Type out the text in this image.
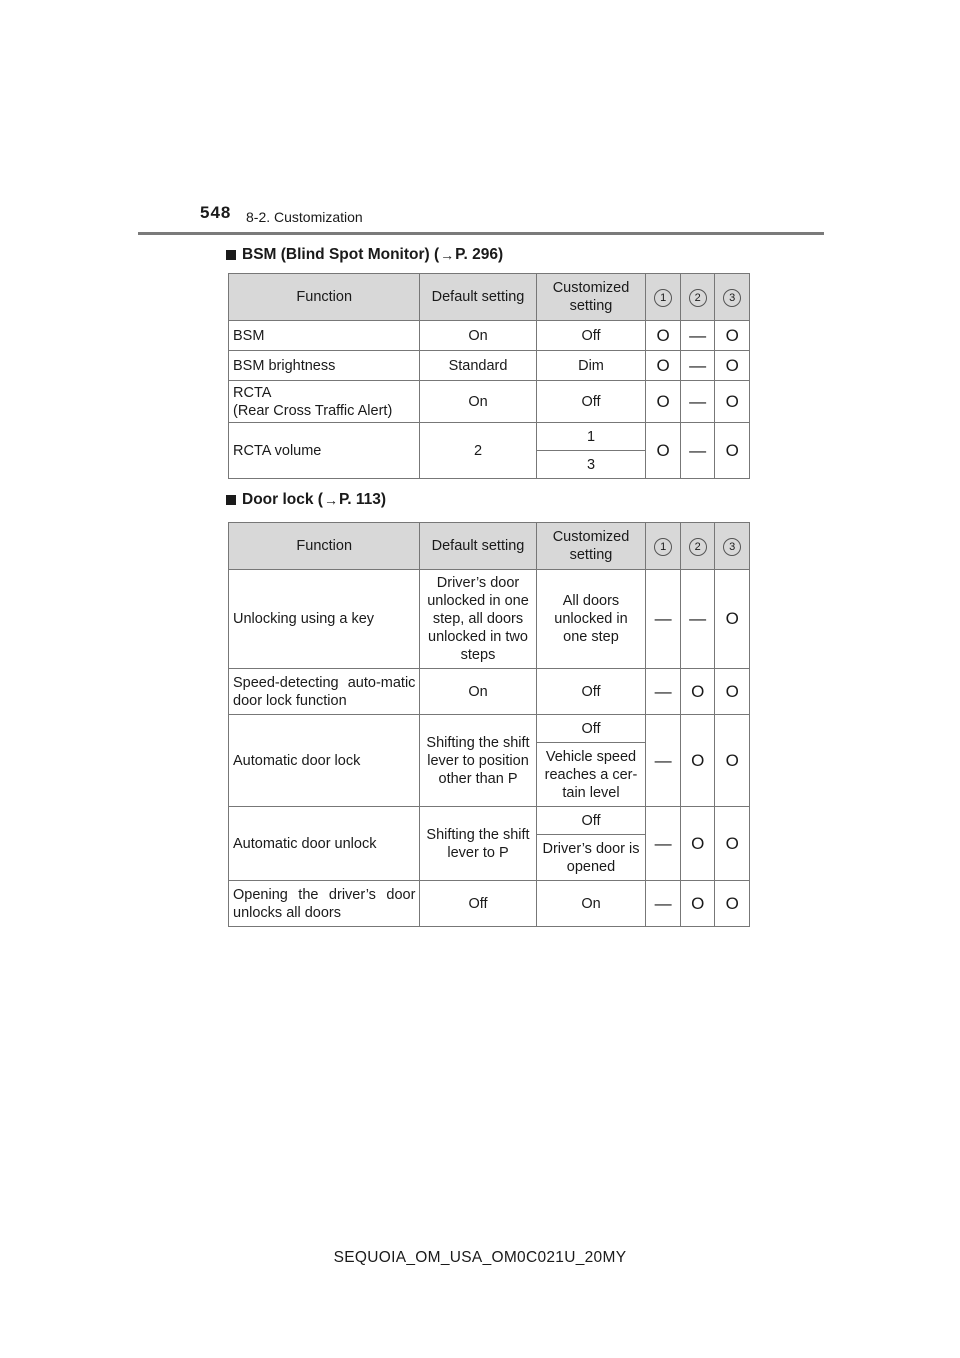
548 8-2. Customization
BSM (Blind Spot Monitor) ( → P. 296)
Function	Default setting	Customized setting	1	2	3
BSM	On	Off	O	—	O
BSM brightness	Standard	Dim	O	—	O
RCTA
(Rear Cross Traffic Alert)	On	Off	O	—	O
RCTA volume	2	1	O	—	O
		3			
Door lock ( → P. 113)
Function	Default setting	Customized setting	1	2	3
Unlocking using a key	Driver’s door unlocked in one step, all doors unlocked in two steps	All doors unlocked in one step	—	—	O
Speed-detecting auto-matic door lock function	On	Off	—	O	O
Automatic door lock	Shifting the shift lever to position other than P	Off	—	O	O
		Vehicle speed reaches a cer-tain level			
Automatic door unlock	Shifting the shift lever to P	Off	—	O	O
		Driver’s door is opened			
Opening the driver’s door unlocks all doors	Off	On	—	O	O
SEQUOIA_OM_USA_OM0C021U_20MY
